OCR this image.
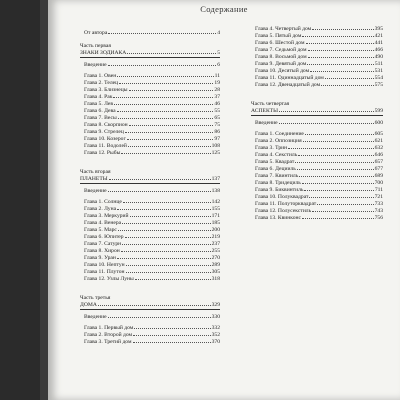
Содержание
От автора	4
Часть первая
ЗНАКИ ЗОДИАКА	5
Введение	6
Глава 1. Овен	11
Глава 2. Телец	19
Глава 3. Близнецы	28
Глава 4. Рак	37
Глава 5. Лев	46
Глава 6. Дева	55
Глава 7. Весы	65
Глава 8. Скорпион	75
Глава 9. Стрелец	86
Глава 10. Козерог	97
Глава 11. Водолей	108
Глава 12. Рыбы	125
Часть вторая
ПЛАНЕТЫ	137
Введение	138
Глава 1. Солнце	142
Глава 2. Луна	155
Глава 3. Меркурий	171
Глава 4. Венера	185
Глава 5. Марс	200
Глава 6. Юпитер	219
Глава 7. Сатурн	237
Глава 8. Хирон	255
Глава 9. Уран	270
Глава 10. Нептун	289
Глава 11. Плутон	305
Глава 12. Узлы Луны	318
Часть третья
ДОМА	329
Введение	330
Глава 1. Первый дом	332
Глава 2. Второй дом	352
Глава 3. Третий дом	370
Глава 4. Четвертый дом	395
Глава 5. Пятый дом	421
Глава 6. Шестой дом	441
Глава 7. Седьмой дом	466
Глава 8. Восьмой дом	490
Глава 9. Девятый дом	511
Глава 10. Десятый дом	531
Глава 11. Одиннадцатый дом	554
Глава 12. Двенадцатый дом	575
Часть четвертая
АСПЕКТЫ	599
Введение	600
Глава 1. Соединение	605
Глава 2. Оппозиция	621
Глава 3. Трин	632
Глава 4. Секстиль	646
Глава 5. Квадрат	657
Глава 6. Децииль	677
Глава 7. Квинтиль	689
Глава 8. Тридециль	700
Глава 9. Биквинтиль	711
Глава 10. Полуквадрат	721
Глава 11. Полуторквадрат	733
Глава 12. Полусекстиль	743
Глава 13. Квинконс	756
